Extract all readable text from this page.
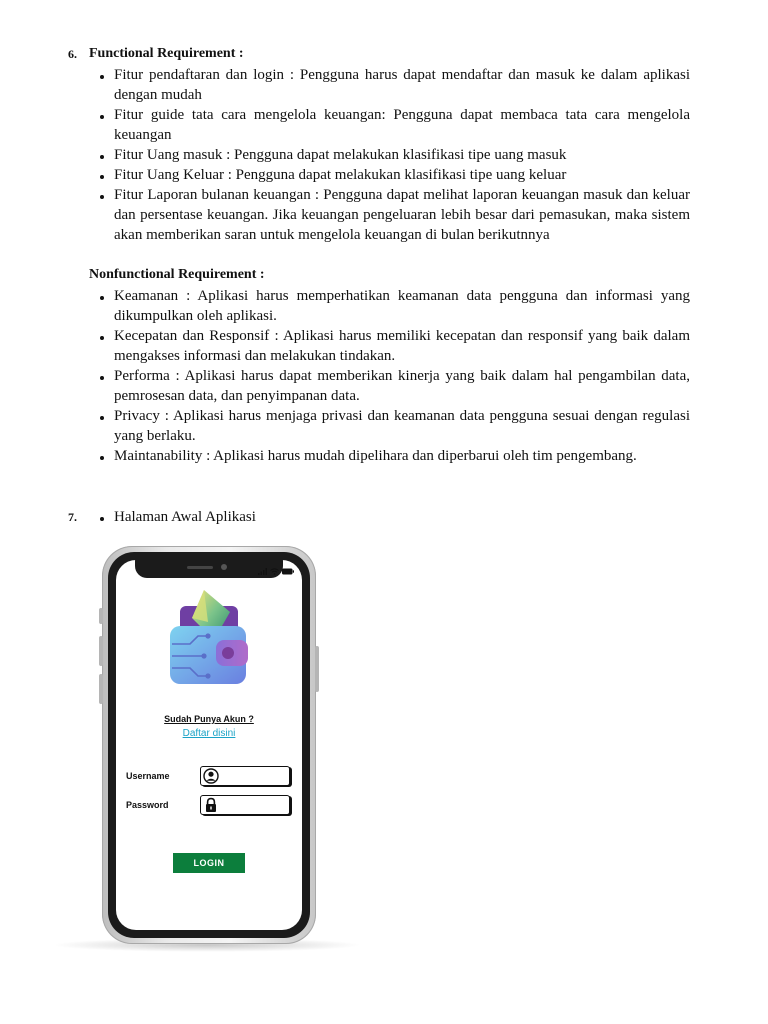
6. Functional Requirement :
Fitur pendaftaran dan login : Pengguna harus dapat mendaftar dan masuk ke dalam aplikasi dengan mudah
Fitur guide tata cara mengelola keuangan: Pengguna dapat membaca tata cara mengelola keuangan
Fitur Uang masuk : Pengguna dapat melakukan klasifikasi tipe uang masuk
Fitur Uang Keluar : Pengguna dapat melakukan klasifikasi tipe uang keluar
Fitur Laporan bulanan keuangan : Pengguna dapat melihat laporan keuangan masuk dan keluar dan persentase keuangan. Jika keuangan pengeluaran lebih besar dari pemasukan, maka sistem akan memberikan saran untuk mengelola keuangan di bulan berikutnnya
Nonfunctional Requirement :
Keamanan : Aplikasi harus memperhatikan keamanan data pengguna dan informasi yang dikumpulkan oleh aplikasi.
Kecepatan dan Responsif : Aplikasi harus memiliki kecepatan dan responsif yang baik dalam mengakses informasi dan melakukan tindakan.
Performa : Aplikasi harus dapat memberikan kinerja yang baik dalam hal pengambilan data, pemrosesan data, dan penyimpanan data.
Privacy : Aplikasi harus menjaga privasi dan keamanan data pengguna sesuai dengan regulasi yang berlaku.
Maintanability : Aplikasi harus mudah dipelihara dan diperbarui oleh tim pengembang.
7.	Halaman Awal Aplikasi
Sudah Punya Akun ?
Daftar disini
Username
Password
LOGIN
